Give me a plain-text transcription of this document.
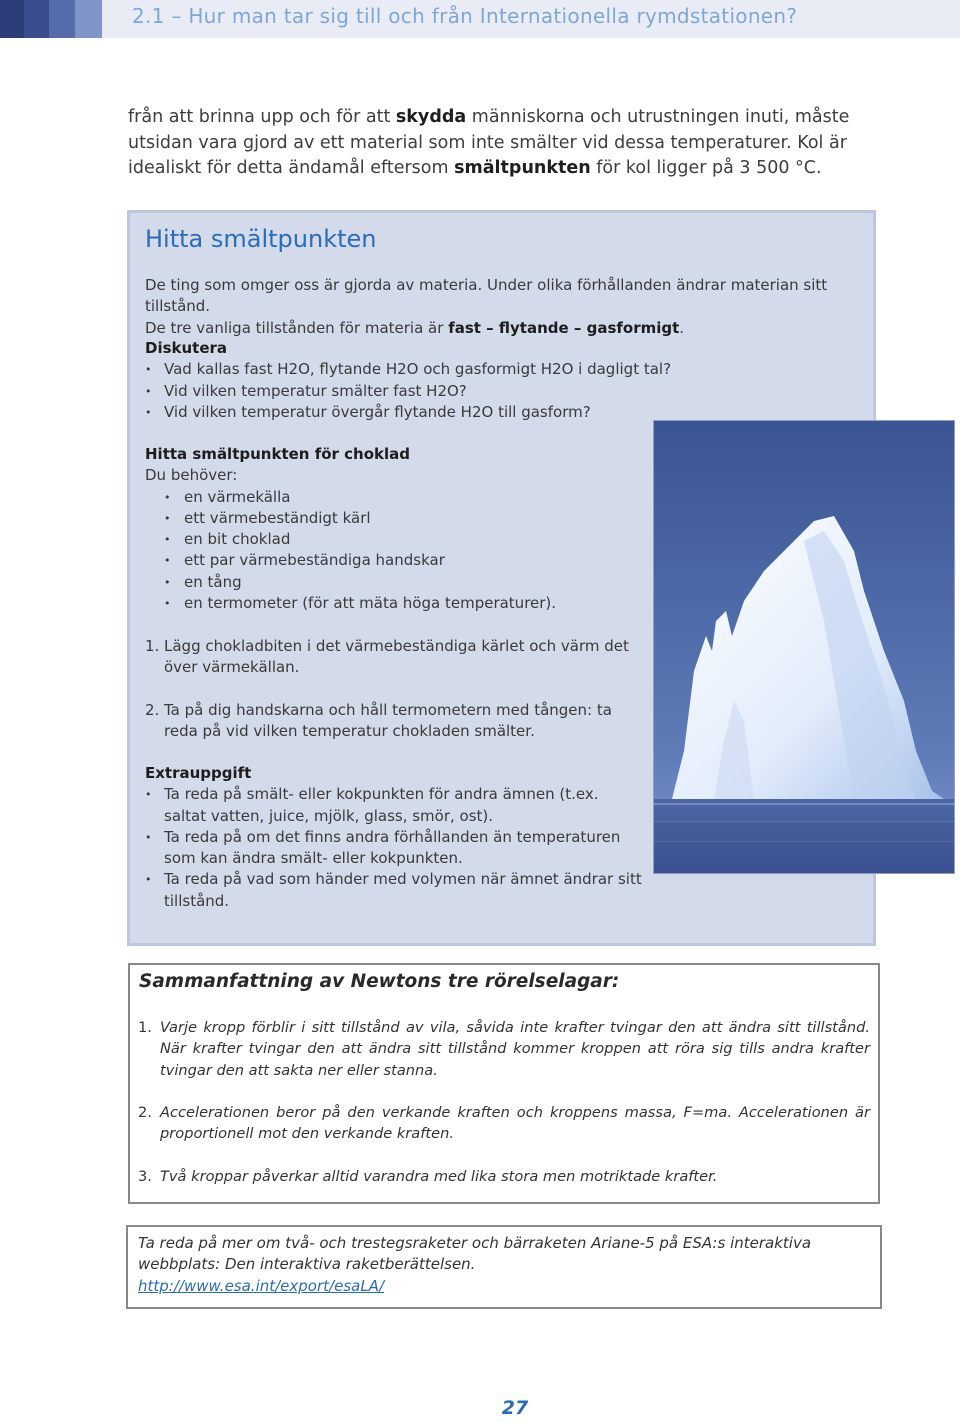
2.1 – Hur man tar sig till och från Internationella rymdstationen?
från att brinna upp och för att skydda människorna och utrustningen inuti, måste utsidan vara gjord av ett material som inte smälter vid dessa temperaturer. Kol är idealiskt för detta ändamål eftersom smältpunkten för kol ligger på 3 500 °C.
Hitta smältpunkten
De ting som omger oss är gjorda av materia. Under olika förhållanden ändrar materian sitt tillstånd.
De tre vanliga tillstånden för materia är fast – flytande – gasformigt.
Diskutera
• Vad kallas fast H2O, flytande H2O och gasformigt H2O i dagligt tal?
• Vid vilken temperatur smälter fast H2O?
• Vid vilken temperatur övergår flytande H2O till gasform?
Hitta smältpunkten för choklad
Du behöver:
• en värmekälla
• ett värmebeständigt kärl
• en bit choklad
• ett par värmebeständiga handskar
• en tång
• en termometer (för att mäta höga temperaturer).
1. Lägg chokladbiten i det värmebeständiga kärlet och värm det över värmekällan.
2. Ta på dig handskarna och håll termometern med tången: ta reda på vid vilken temperatur chokladen smälter.
Extrauppgift
• Ta reda på smält- eller kokpunkten för andra ämnen (t.ex. saltat vatten, juice, mjölk, glass, smör, ost).
• Ta reda på om det finns andra förhållanden än temperaturen som kan ändra smält- eller kokpunkten.
• Ta reda på vad som händer med volymen när ämnet ändrar sitt tillstånd.
Sammanfattning av Newtons tre rörelselagar:
1. Varje kropp förblir i sitt tillstånd av vila, såvida inte krafter tvingar den att ändra sitt tillstånd. När krafter tvingar den att ändra sitt tillstånd kommer kroppen att röra sig tills andra krafter tvingar den att sakta ner eller stanna.
2. Accelerationen beror på den verkande kraften och kroppens massa, F=ma. Accelerationen är proportionell mot den verkande kraften.
3. Två kroppar påverkar alltid varandra med lika stora men motriktade krafter.
Ta reda på mer om två- och trestegsraketer och bärraketen Ariane-5 på ESA:s interaktiva webbplats: Den interaktiva raketberättelsen.
http://www.esa.int/export/esaLA/
27
